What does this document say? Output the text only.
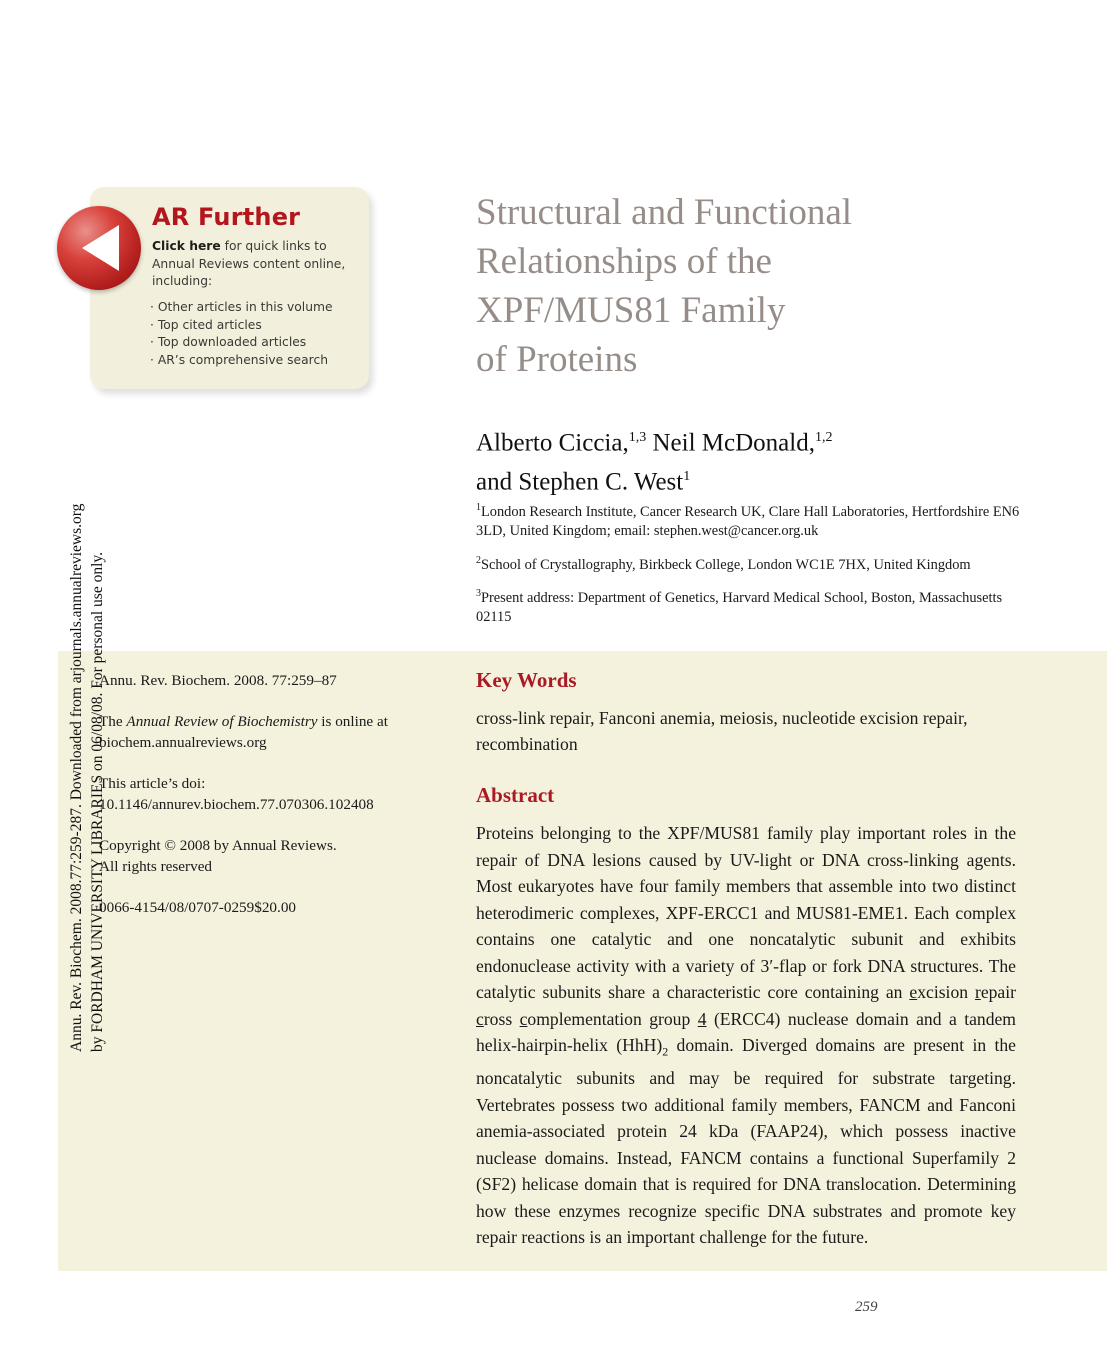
Annu. Rev. Biochem. 2008.77:259-287. Downloaded from arjournals.annualreviews.org by FORDHAM UNIVERSITY LIBRARIES on 06/08/08. For personal use only.
AR Further
Click here for quick links to Annual Reviews content online, including:
· Other articles in this volume
· Top cited articles
· Top downloaded articles
· AR’s comprehensive search
Structural and Functional
Relationships of the
XPF/MUS81 Family
of Proteins
Alberto Ciccia,$^{1,3}$ Neil McDonald,$^{1,2}$
and Stephen C. West$^1$

$^1$London Research Institute, Cancer Research UK, Clare Hall Laboratories, Hertfordshire EN6 3LD, United Kingdom; email: stephen.west@cancer.org.uk

$^2$School of Crystallography, Birkbeck College, London WC1E 7HX, United Kingdom

$^3$Present address: Department of Genetics, Harvard Medical School, Boston, Massachusetts 02115

Annu. Rev. Biochem. 2008. 77:259–87

The Annual Review of Biochemistry is online at biochem.annualreviews.org

This article’s doi:
10.1146/annurev.biochem.77.070306.102408

Copyright © 2008 by Annual Reviews.
All rights reserved

0066-4154/08/0707-0259$20.00

Key Words

cross-link repair, Fanconi anemia, meiosis, nucleotide excision repair, recombination

Abstract

Proteins belonging to the XPF/MUS81 family play important roles in the repair of DNA lesions caused by UV-light or DNA cross-linking agents. Most eukaryotes have four family members that assemble into two distinct heterodimeric complexes, XPF-ERCC1 and MUS81-EME1. Each complex contains one catalytic and one noncatalytic subunit and exhibits endonuclease activity with a variety of 3′-flap or fork DNA structures. The catalytic subunits share a characteristic core containing an excision repair cross complementation group 4 (ERCC4) nuclease domain and a tandem helix-hairpin-helix $(HhH)_2$ domain. Diverged domains are present in the noncatalytic subunits and may be required for substrate targeting. Vertebrates possess two additional family members, FANCM and Fanconi anemia-associated protein 24 kDa (FAAP24), which possess inactive nuclease domains. Instead, FANCM contains a functional Superfamily 2 (SF2) helicase domain that is required for DNA translocation. Determining how these enzymes recognize specific DNA substrates and promote key repair reactions is an important challenge for the future.

259
